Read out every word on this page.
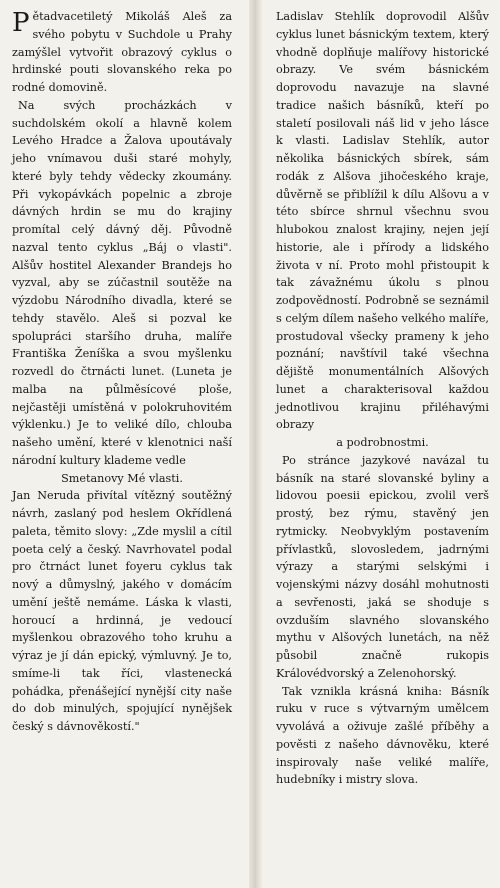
Pětadvacetiletý Mikoláš Aleš za svého pobytu v Suchdole u Prahy zamýšlel vytvořit obrazový cyklus o hrdinské pouti slovanského reka po rodné domovině.

Na svých procházkách v suchdolském okolí a hlavně kolem Levého Hradce a Žalova upoutávaly jeho vnímavou duši staré mohyly, které byly tehdy vědecky zkoumány. Při vykopávkách popelnic a zbroje dávných hrdin se mu do krajiny promítal celý dávný děj. Původně nazval tento cyklus „Báj o vlasti". Alšův hostitel Alexander Brandejs ho vyzval, aby se zúčastnil soutěže na výzdobu Národního divadla, které se tehdy stavělo. Aleš si pozval ke spolupráci staršího druha, malíře Františka Ženíška a svou myšlenku rozvedl do čtrnácti lunet. (Luneta je malba na půlměsícové ploše, nejčastěji umístěná v polokruhovitém výklenku.) Je to veliké dílo, chlouba našeho umění, které v klenotnici naší národní kultury klademe vedle

Smetanovy Mé vlasti.

Jan Neruda přivítal vítězný soutěžný návrh, zaslaný pod heslem Okřídlená paleta, těmito slovy: „Zde myslil a cítil poeta celý a český. Navrhovatel podal pro čtrnáct lunet foyeru cyklus tak nový a důmyslný, jakého v domácím umění ještě nemáme. Láska k vlasti, horoucí a hrdinná, je vedoucí myšlenkou obrazového toho kruhu a výraz je jí dán epický, výmluvný. Je to, smíme-li tak říci, vlastenecká pohádka, přenášející nynější city naše do dob minulých, spojující nynějšek český s dávnověkostí."

Ladislav Stehlík doprovodil Alšův cyklus lunet básnickým textem, který vhodně doplňuje malířovy historické obrazy. Ve svém básnickém doprovodu navazuje na slavné tradice našich básníků, kteří po staletí posilovali náš lid v jeho lásce k vlasti. Ladislav Stehlík, autor několika básnických sbírek, sám rodák z Alšova jihočeského kraje, důvěrně se přiblížil k dílu Alšovu a v této sbírce shrnul všechnu svou hlubokou znalost krajiny, nejen její historie, ale i přírody a lidského života v ní. Proto mohl přistoupit k tak závažnému úkolu s plnou zodpovědností. Podrobně se seznámil s celým dílem našeho velkého malíře, prostudoval všecky prameny k jeho poznání; navštívil také všechna dějiště monumentálních Alšových lunet a charakterisoval každou jednotlivou krajinu přiléhavými obrazy

a podrobnostmi.

Po stránce jazykové navázal tu básník na staré slovanské byliny a lidovou poesii epickou, zvolil verš prostý, bez rýmu, stavěný jen rytmicky. Neobvyklým postavením přívlastků, slovosledem, jadrnými výrazy a starými selskými i vojenskými názvy dosáhl mohutnosti a sevřenosti, jaká se shoduje s ovzduším slavného slovanského mythu v Alšových lunetách, na něž působil značně rukopis Královédvorský a Zelenohorský.

Tak vznikla krásná kniha: Básník ruku v ruce s výtvarným umělcem vyvolává a oživuje zašlé příběhy a pověsti z našeho dávnověku, které inspirovaly naše veliké malíře, hudebníky i mistry slova.
